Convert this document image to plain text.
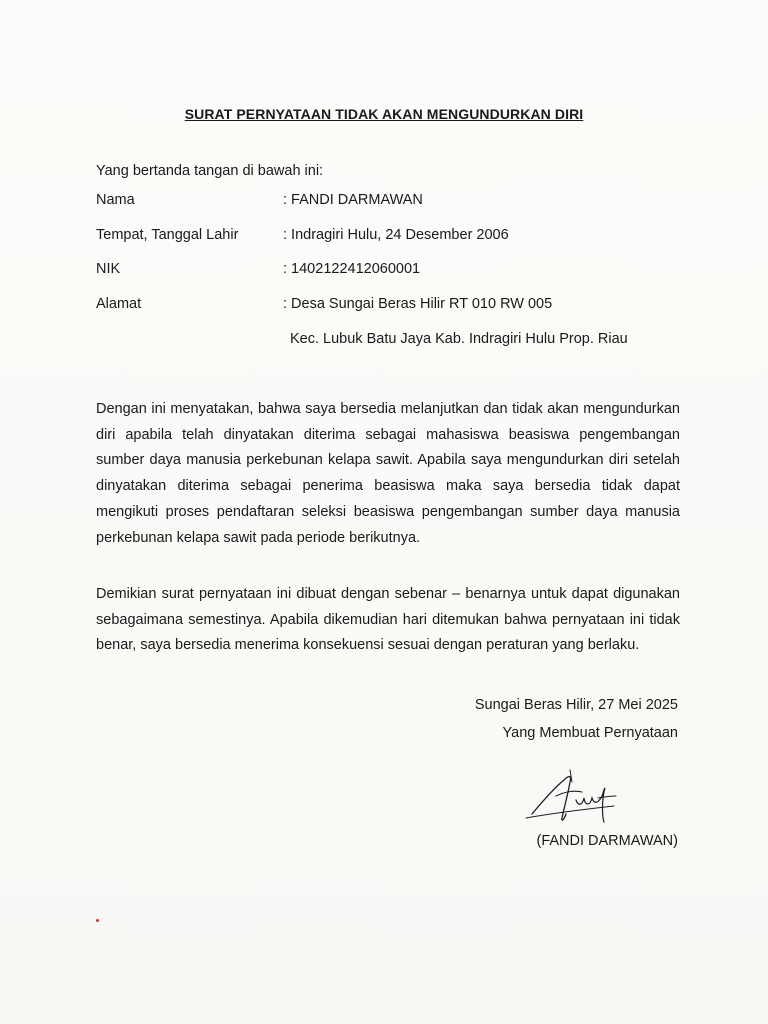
SURAT PERNYATAAN TIDAK AKAN MENGUNDURKAN DIRI
Yang bertanda tangan di bawah ini:
Nama	: FANDI DARMAWAN
Tempat, Tanggal Lahir	: Indragiri Hulu, 24 Desember 2006
NIK	: 1402122412060001
Alamat	: Desa Sungai Beras Hilir RT 010 RW 005
Kec. Lubuk Batu Jaya Kab. Indragiri Hulu Prop. Riau

Dengan ini menyatakan, bahwa saya bersedia melanjutkan dan tidak akan mengundurkan diri apabila telah dinyatakan diterima sebagai mahasiswa beasiswa pengembangan sumber daya manusia perkebunan kelapa sawit. Apabila saya mengundurkan diri setelah dinyatakan diterima sebagai penerima beasiswa maka saya bersedia tidak dapat mengikuti proses pendaftaran seleksi beasiswa pengembangan sumber daya manusia perkebunan kelapa sawit pada periode berikutnya.

Demikian surat pernyataan ini dibuat dengan sebenar – benarnya untuk dapat digunakan sebagaimana semestinya. Apabila dikemudian hari ditemukan bahwa pernyataan ini tidak benar, saya bersedia menerima konsekuensi sesuai dengan peraturan yang berlaku.

Sungai Beras Hilir, 27 Mei 2025
Yang Membuat Pernyataan
(FANDI DARMAWAN)
